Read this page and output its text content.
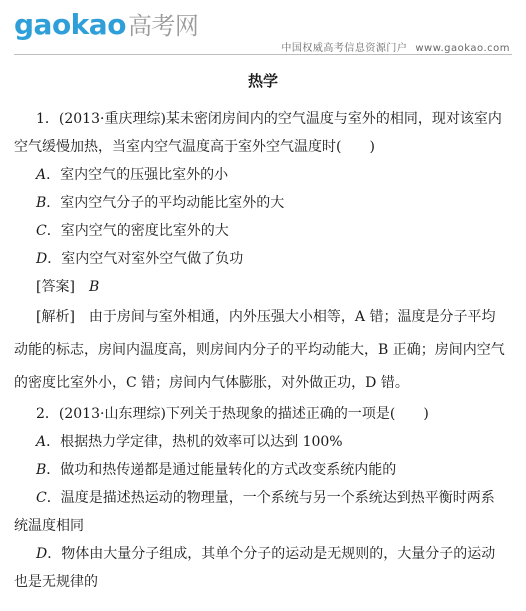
gaokao高考网
中国权威高考信息资源门户 www.gaokao.com

热学

1．(2013·重庆理综)某未密闭房间内的空气温度与室外的相同，现对该室内

空气缓慢加热，当室内空气温度高于室外空气温度时(　　)

A．室内空气的压强比室外的小

B．室内空气分子的平均动能比室外的大

C．室内空气的密度比室外的大

D．室内空气对室外空气做了负功

[答案]　 B

[解析]　由于房间与室外相通，内外压强大小相等，A 错；温度是分子平均

动能的标志，房间内温度高，则房间内分子的平均动能大，B 正确；房间内空气

的密度比室外小，C 错；房间内气体膨胀，对外做正功，D 错。

2．(2013·山东理综)下列关于热现象的描述正确的一项是(　　)

A．根据热力学定律，热机的效率可以达到 100%

B．做功和热传递都是通过能量转化的方式改变系统内能的

C．温度是描述热运动的物理量，一个系统与另一个系统达到热平衡时两系

统温度相同

D．物体由大量分子组成，其单个分子的运动是无规则的，大量分子的运动

也是无规律的
